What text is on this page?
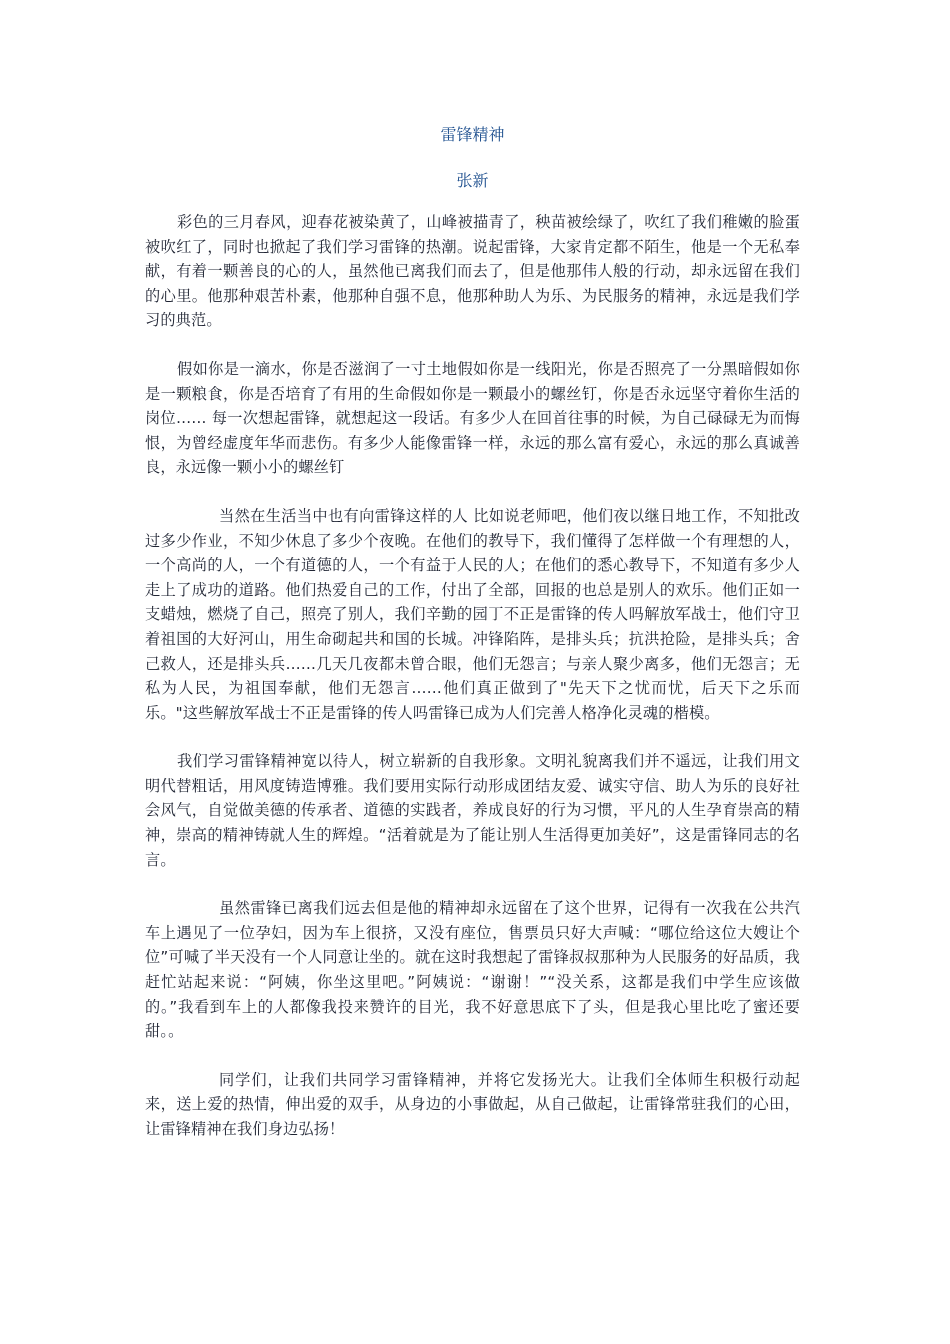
雷锋精神
张新

彩色的三月春风，迎春花被染黄了，山峰被描青了，秧苗被绘绿了，吹红了我们稚嫩的脸蛋被吹红了，同时也掀起了我们学习雷锋的热潮。说起雷锋，大家肯定都不陌生，他是一个无私奉献，有着一颗善良的心的人，虽然他已离我们而去了，但是他那伟人般的行动，却永远留在我们的心里。他那种艰苦朴素，他那种自强不息，他那种助人为乐、为民服务的精神，永远是我们学习的典范。

假如你是一滴水，你是否滋润了一寸土地假如你是一线阳光，你是否照亮了一分黑暗假如你是一颗粮食，你是否培育了有用的生命假如你是一颗最小的螺丝钉，你是否永远坚守着你生活的岗位…… 每一次想起雷锋，就想起这一段话。有多少人在回首往事的时候，为自己碌碌无为而悔恨，为曾经虚度年华而悲伤。有多少人能像雷锋一样，永远的那么富有爱心，永远的那么真诚善良，永远像一颗小小的螺丝钉

当然在生活当中也有向雷锋这样的人 比如说老师吧，他们夜以继日地工作，不知批改过多少作业，不知少休息了多少个夜晚。在他们的教导下，我们懂得了怎样做一个有理想的人，一个高尚的人，一个有道德的人，一个有益于人民的人；在他们的悉心教导下，不知道有多少人走上了成功的道路。他们热爱自己的工作，付出了全部，回报的也总是别人的欢乐。他们正如一支蜡烛，燃烧了自己，照亮了别人，我们辛勤的园丁不正是雷锋的传人吗解放军战士，他们守卫着祖国的大好河山，用生命砌起共和国的长城。冲锋陷阵，是排头兵；抗洪抢险，是排头兵；舍己救人，还是排头兵……几天几夜都未曾合眼，他们无怨言；与亲人聚少离多，他们无怨言；无私为人民，为祖国奉献，他们无怨言……他们真正做到了"先天下之忧而忧，后天下之乐而乐。"这些解放军战士不正是雷锋的传人吗雷锋已成为人们完善人格净化灵魂的楷模。

我们学习雷锋精神宽以待人，树立崭新的自我形象。文明礼貌离我们并不遥远，让我们用文明代替粗话，用风度铸造博雅。我们要用实际行动形成团结友爱、诚实守信、助人为乐的良好社会风气，自觉做美德的传承者、道德的实践者，养成良好的行为习惯，平凡的人生孕育崇高的精神，崇高的精神铸就人生的辉煌。“活着就是为了能让别人生活得更加美好”，这是雷锋同志的名言。

虽然雷锋已离我们远去但是他的精神却永远留在了这个世界，记得有一次我在公共汽车上遇见了一位孕妇，因为车上很挤，又没有座位，售票员只好大声喊：“哪位给这位大嫂让个位”可喊了半天没有一个人同意让坐的。就在这时我想起了雷锋叔叔那种为人民服务的好品质，我赶忙站起来说：“阿姨，你坐这里吧。”阿姨说：“谢谢！”“没关系，这都是我们中学生应该做的。”我看到车上的人都像我投来赞许的目光，我不好意思底下了头，但是我心里比吃了蜜还要甜。。

同学们，让我们共同学习雷锋精神，并将它发扬光大。让我们全体师生积极行动起来，送上爱的热情，伸出爱的双手，从身边的小事做起，从自己做起，让雷锋常驻我们的心田，让雷锋精神在我们身边弘扬！
